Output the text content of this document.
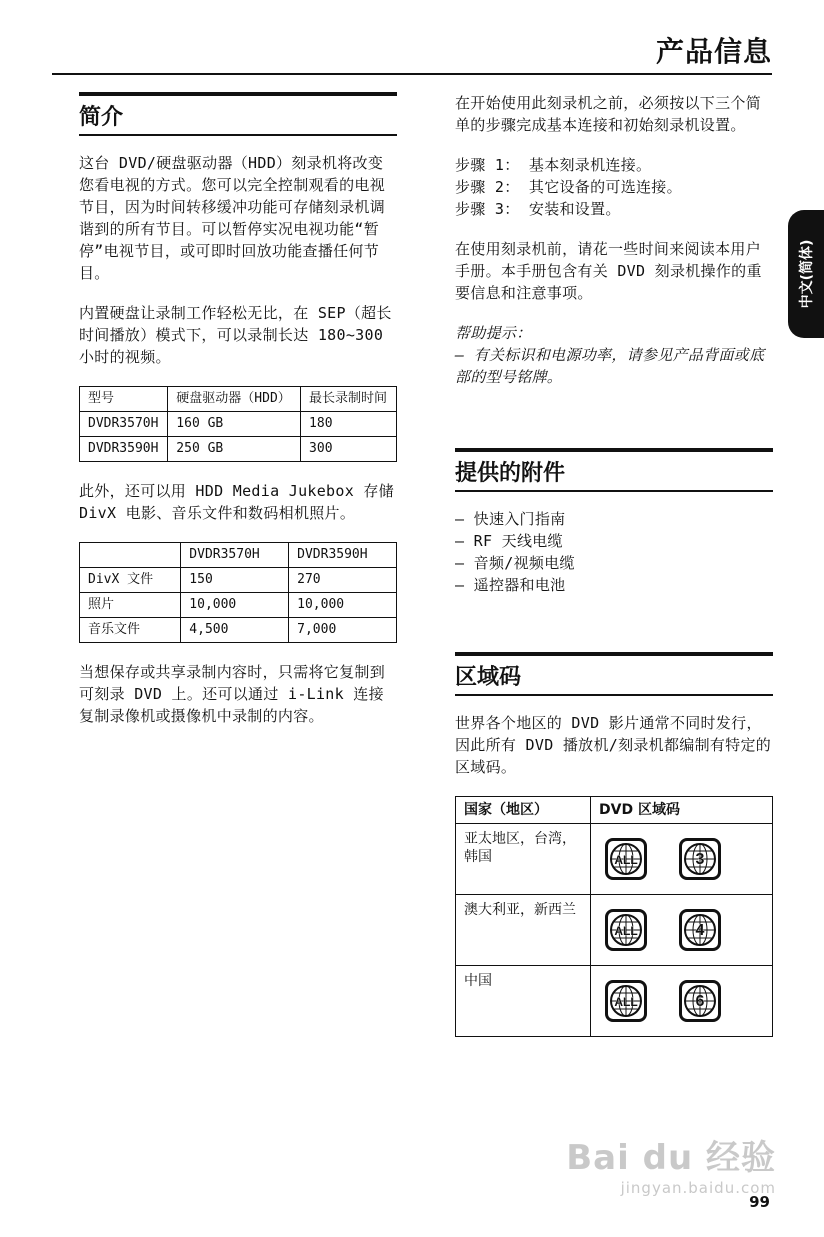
产品信息
中文(简体)
简介

这台 DVD/硬盘驱动器（HDD）刻录机将改变您看电视的方式。您可以完全控制观看的电视节目，因为时间转移缓冲功能可存储刻录机调谐到的所有节目。可以暂停实况电视功能“暂停”电视节目，或可即时回放功能查播任何节目。

内置硬盘让录制工作轻松无比，在 SEP（超长时间播放）模式下，可以录制长达 180~300 小时的视频。

型号	硬盘驱动器（HDD）	最长录制时间
DVDR3570H	160 GB	180
DVDR3590H	250 GB	300

此外，还可以用 HDD Media Jukebox 存储 DivX 电影、音乐文件和数码相机照片。

	DVDR3570H	DVDR3590H
DivX 文件	150	270
照片	10,000	10,000
音乐文件	4,500	7,000

当想保存或共享录制内容时，只需将它复制到可刻录 DVD 上。还可以通过 i-Link 连接复制录像机或摄像机中录制的内容。

在开始使用此刻录机之前，必须按以下三个简单的步骤完成基本连接和初始刻录机设置。

步骤 1： 基本刻录机连接。
步骤 2： 其它设备的可选连接。
步骤 3： 安装和设置。

在使用刻录机前，请花一些时间来阅读本用户手册。本手册包含有关 DVD 刻录机操作的重要信息和注意事项。

帮助提示：
– 有关标识和电源功率，请参见产品背面或底部的型号铭牌。
提供的附件
– 快速入门指南
– RF 天线电缆
– 音频/视频电缆
– 遥控器和电池
区域码

世界各个地区的 DVD 影片通常不同时发行，因此所有 DVD 播放机/刻录机都编制有特定的区域码。

国家（地区）	DVD 区域码
亚太地区，台湾，韩国	ALL
3

澳大利亚，新西兰	ALL
4

中国	ALL
6
Bai du 经验
jingyan.baidu.com
99
